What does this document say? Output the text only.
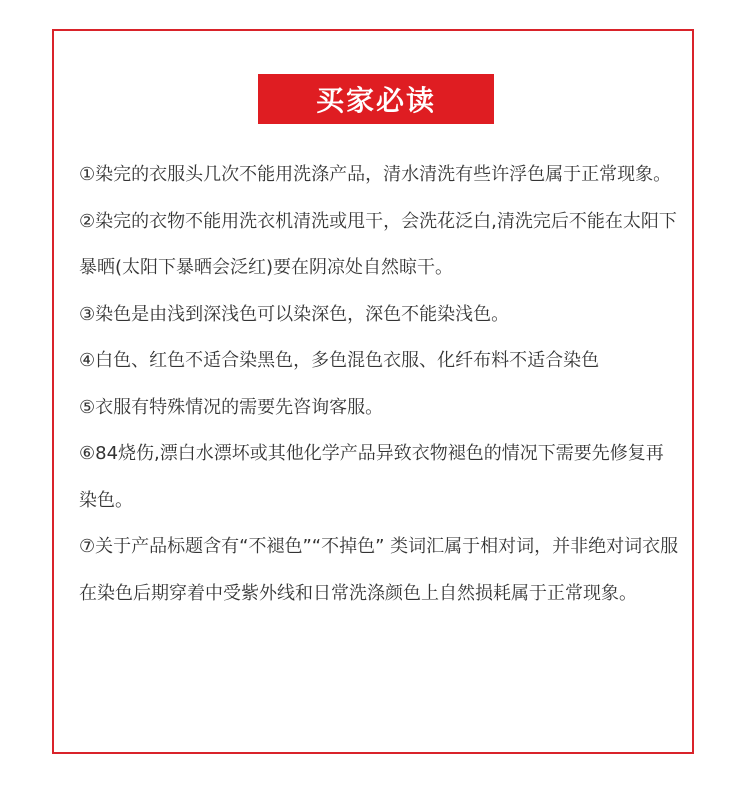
买家必读

①染完的衣服头几次不能用洗涤产品，清水清洗有些许浮色属于正常现象。

②染完的衣物不能用洗衣机清洗或甩干，会洗花泛白,清洗完后不能在太阳下暴晒(太阳下暴晒会泛红)要在阴凉处自然晾干。

③染色是由浅到深浅色可以染深色，深色不能染浅色。

④白色、红色不适合染黑色，多色混色衣服、化纤布料不适合染色

⑤衣服有特殊情况的需要先咨询客服。

⑥84烧伤,漂白水漂坏或其他化学产品异致衣物褪色的情况下需要先修复再染色。

⑦关于产品标题含有“不褪色”“不掉色” 类词汇属于相对词，并非绝对词衣服在染色后期穿着中受紫外线和日常洗涤颜色上自然损耗属于正常现象。
